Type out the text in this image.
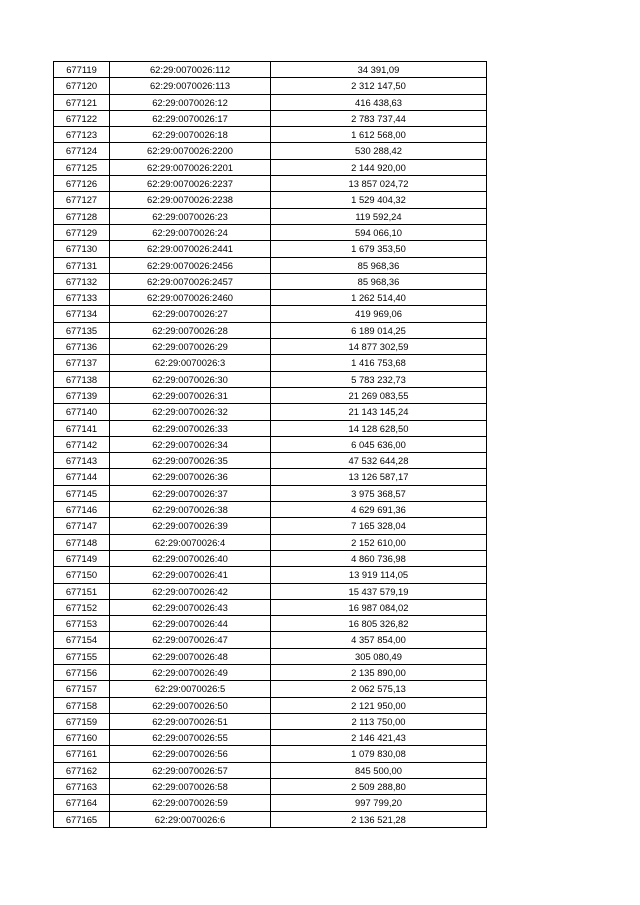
677119	62:29:0070026:112	34 391,09
677120	62:29:0070026:113	2 312 147,50
677121	62:29:0070026:12	416 438,63
677122	62:29:0070026:17	2 783 737,44
677123	62:29:0070026:18	1 612 568,00
677124	62:29:0070026:2200	530 288,42
677125	62:29:0070026:2201	2 144 920,00
677126	62:29:0070026:2237	13 857 024,72
677127	62:29:0070026:2238	1 529 404,32
677128	62:29:0070026:23	119 592,24
677129	62:29:0070026:24	594 066,10
677130	62:29:0070026:2441	1 679 353,50
677131	62:29:0070026:2456	85 968,36
677132	62:29:0070026:2457	85 968,36
677133	62:29:0070026:2460	1 262 514,40
677134	62:29:0070026:27	419 969,06
677135	62:29:0070026:28	6 189 014,25
677136	62:29:0070026:29	14 877 302,59
677137	62:29:0070026:3	1 416 753,68
677138	62:29:0070026:30	5 783 232,73
677139	62:29:0070026:31	21 269 083,55
677140	62:29:0070026:32	21 143 145,24
677141	62:29:0070026:33	14 128 628,50
677142	62:29:0070026:34	6 045 636,00
677143	62:29:0070026:35	47 532 644,28
677144	62:29:0070026:36	13 126 587,17
677145	62:29:0070026:37	3 975 368,57
677146	62:29:0070026:38	4 629 691,36
677147	62:29:0070026:39	7 165 328,04
677148	62:29:0070026:4	2 152 610,00
677149	62:29:0070026:40	4 860 736,98
677150	62:29:0070026:41	13 919 114,05
677151	62:29:0070026:42	15 437 579,19
677152	62:29:0070026:43	16 987 084,02
677153	62:29:0070026:44	16 805 326,82
677154	62:29:0070026:47	4 357 854,00
677155	62:29:0070026:48	305 080,49
677156	62:29:0070026:49	2 135 890,00
677157	62:29:0070026:5	2 062 575,13
677158	62:29:0070026:50	2 121 950,00
677159	62:29:0070026:51	2 113 750,00
677160	62:29:0070026:55	2 146 421,43
677161	62:29:0070026:56	1 079 830,08
677162	62:29:0070026:57	845 500,00
677163	62:29:0070026:58	2 509 288,80
677164	62:29:0070026:59	997 799,20
677165	62:29:0070026:6	2 136 521,28
